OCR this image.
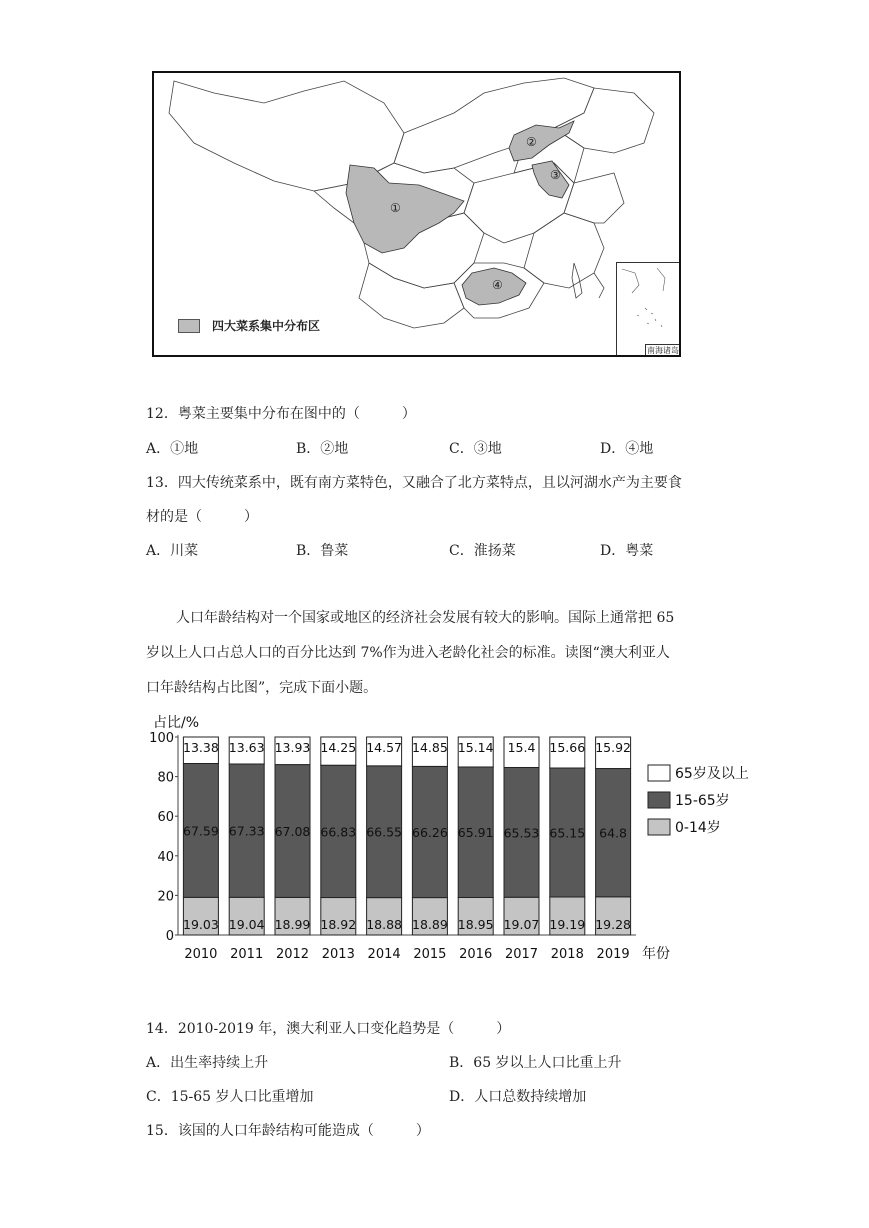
①
②
③
④
四大菜系集中分布区
南海诸岛
12．粤菜主要集中分布在图中的（　　　）
A．①地	B．②地	C．③地	D．④地
13．四大传统菜系中，既有南方菜特色，又融合了北方菜特点，且以河湖水产为主要食
材的是（　　　）
A．川菜	B．鲁菜	C．淮扬菜	D．粤菜
人口年龄结构对一个国家或地区的经济社会发展有较大的影响。国际上通常把 65
岁以上人口占总人口的百分比达到 7%作为进入老龄化社会的标准。读图“澳大利亚人
口年龄结构占比图”，完成下面小题。
占比/%
0
20
40
60
80
100
19.03
67.59
13.38
2010
19.04
67.33
13.63
2011
18.99
67.08
13.93
2012
18.92
66.83
14.25
2013
18.88
66.55
14.57
2014
18.89
66.26
14.85
2015
18.95
65.91
15.14
2016
19.07
65.53
15.4
2017
19.19
65.15
15.66
2018
19.28
64.8
15.92
2019 年份
65岁及以上
15-65岁
0-14岁
14．2010-2019 年，澳大利亚人口变化趋势是（　　　）
A．出生率持续上升	B．65 岁以上人口比重上升
C．15-65 岁人口比重增加	D．人口总数持续增加
15．该国的人口年龄结构可能造成（　　　）
